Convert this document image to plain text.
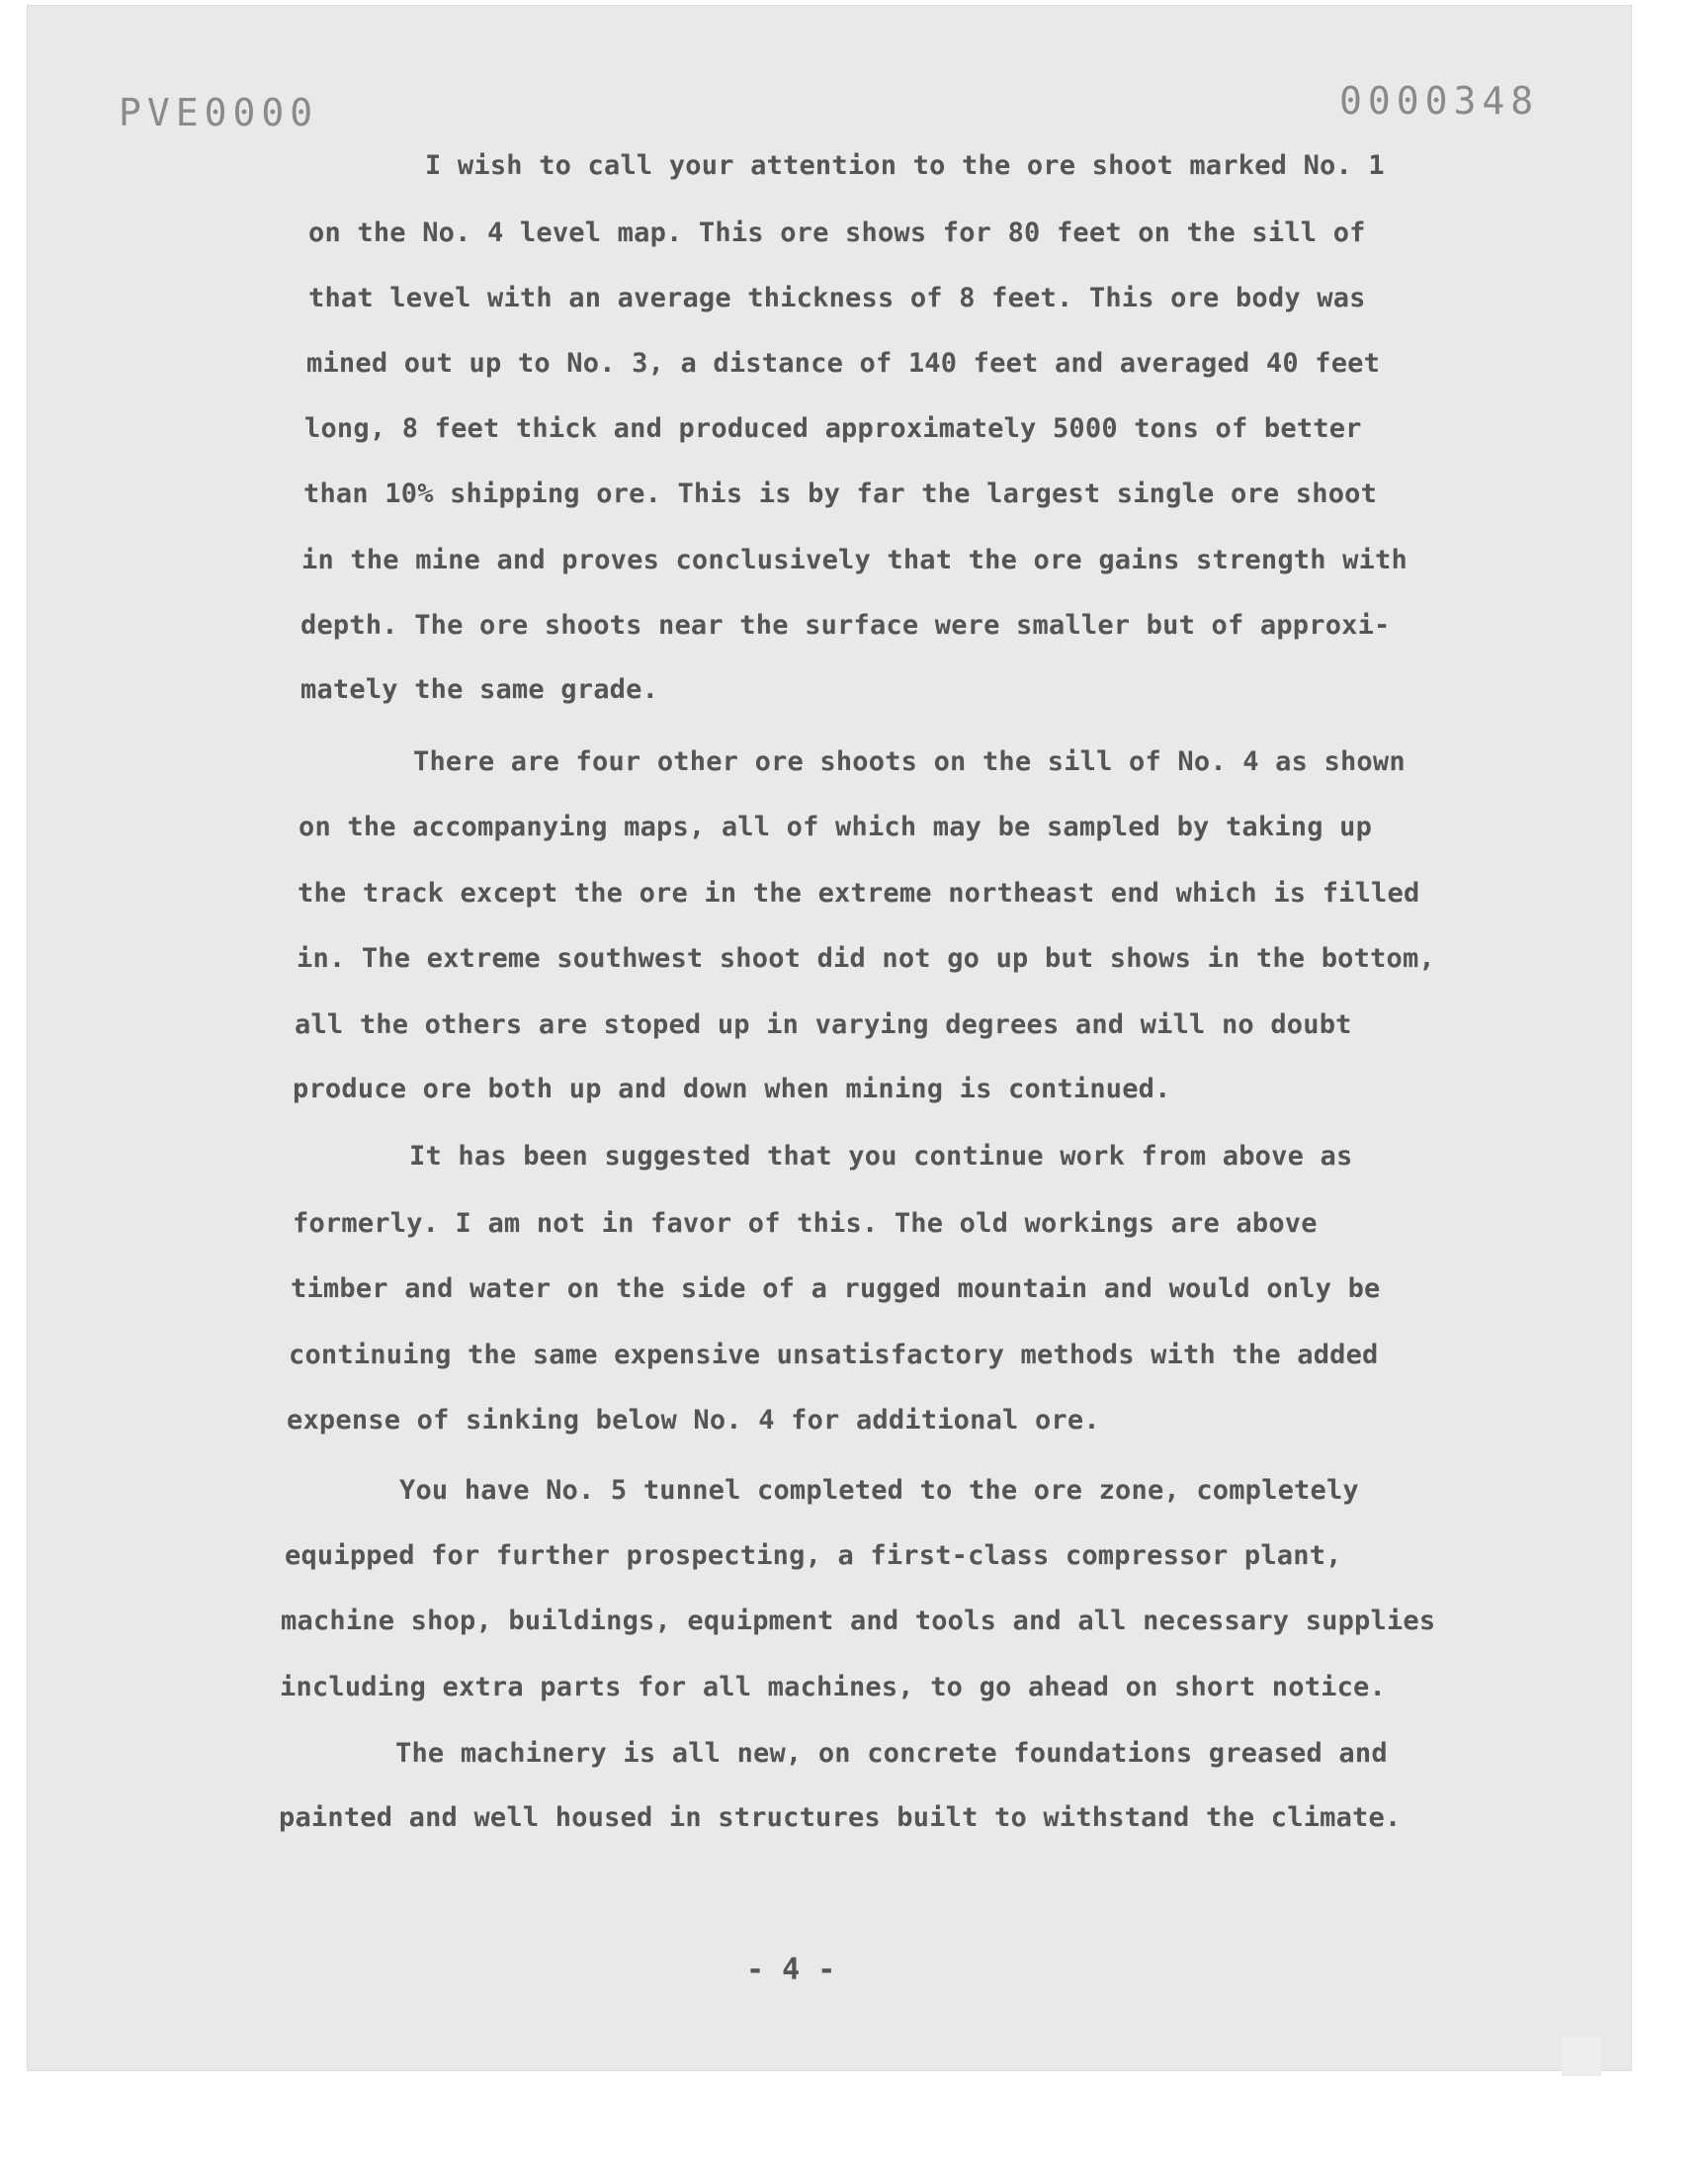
PVE0000	0000348
I wish to call your attention to the ore shoot marked No. 1
on the No. 4 level map. This ore shows for 80 feet on the sill of
that level with an average thickness of 8 feet. This ore body was
mined out up to No. 3, a distance of 140 feet and averaged 40 feet
long, 8 feet thick and produced approximately 5000 tons of better
than 10% shipping ore. This is by far the largest single ore shoot
in the mine and proves conclusively that the ore gains strength with
depth. The ore shoots near the surface were smaller but of approxi-
mately the same grade.
There are four other ore shoots on the sill of No. 4 as shown
on the accompanying maps, all of which may be sampled by taking up
the track except the ore in the extreme northeast end which is filled
in. The extreme southwest shoot did not go up but shows in the bottom,
all the others are stoped up in varying degrees and will no doubt
produce ore both up and down when mining is continued.
It has been suggested that you continue work from above as
formerly. I am not in favor of this. The old workings are above
timber and water on the side of a rugged mountain and would only be
continuing the same expensive unsatisfactory methods with the added
expense of sinking below No. 4 for additional ore.
You have No. 5 tunnel completed to the ore zone, completely
equipped for further prospecting, a first-class compressor plant,
machine shop, buildings, equipment and tools and all necessary supplies
including extra parts for all machines, to go ahead on short notice.
The machinery is all new, on concrete foundations greased and
painted and well housed in structures built to withstand the climate.
- 4 -
